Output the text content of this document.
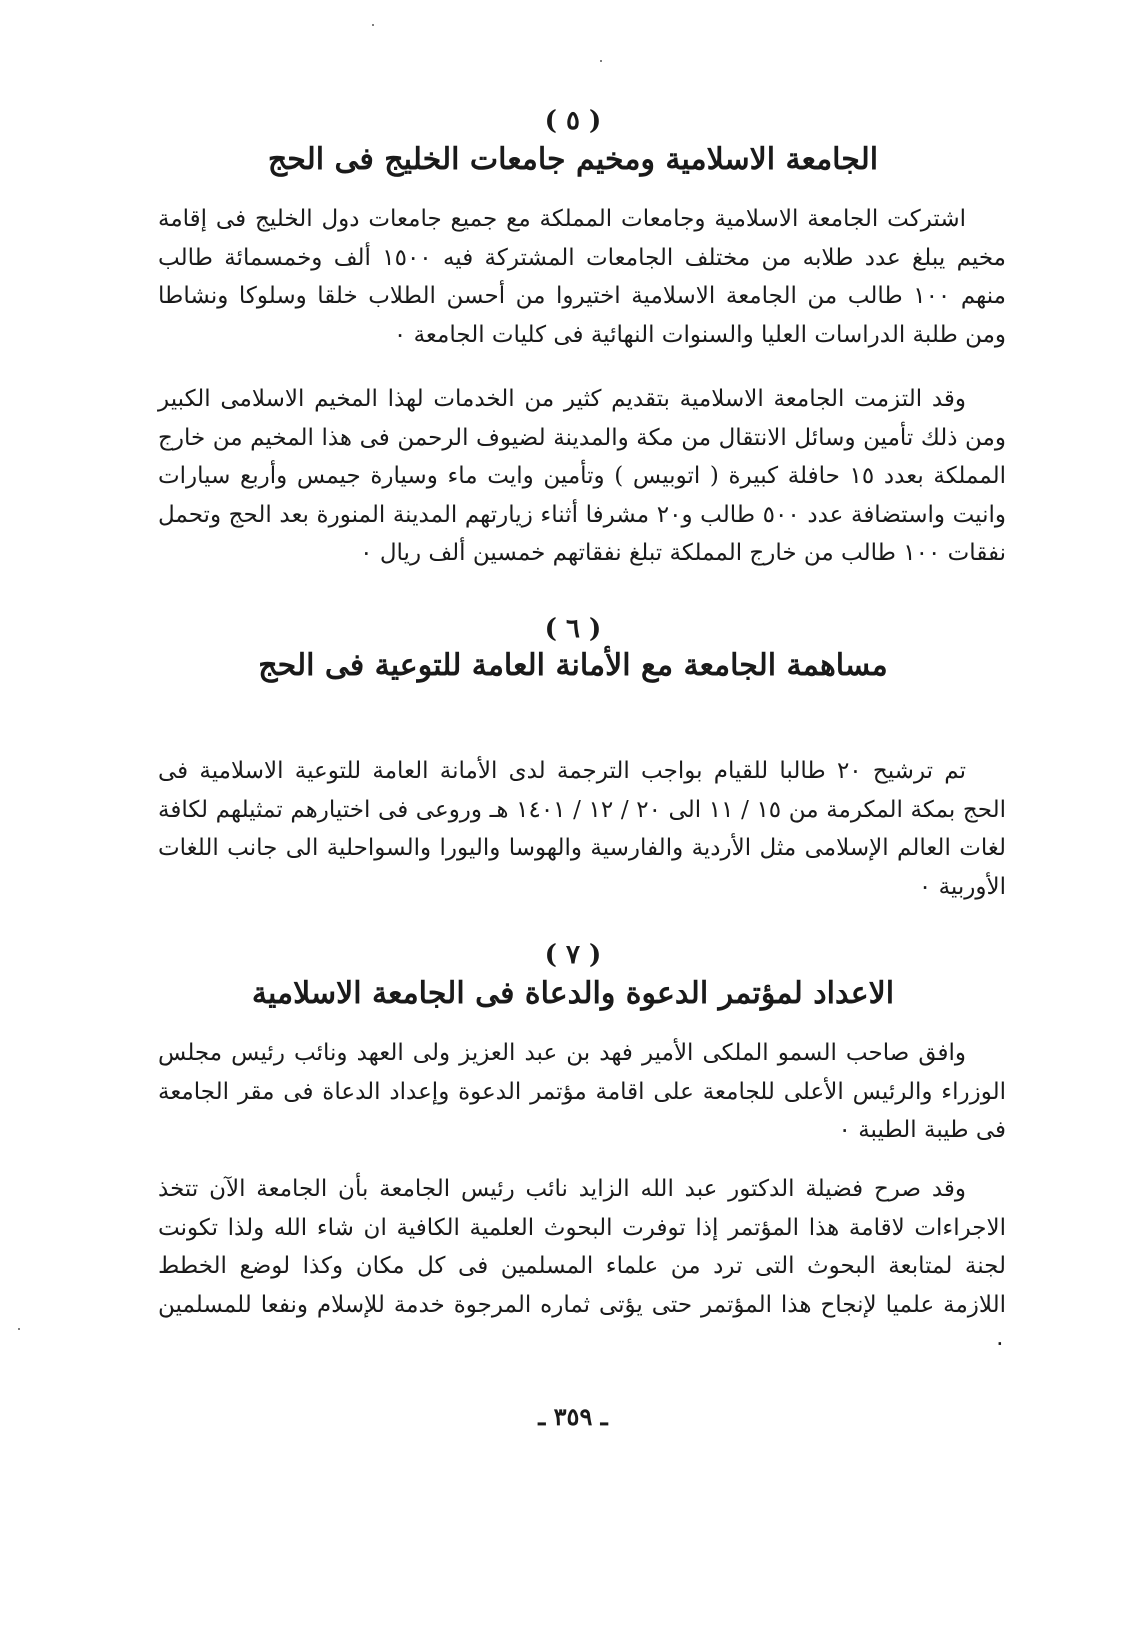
( ٥ )
الجامعة الاسلامية ومخيم جامعات الخليج فى الحج
اشتركت الجامعة الاسلامية وجامعات المملكة مع جميع جامعات دول الخليج فى إقامة مخيم يبلغ عدد طلابه من مختلف الجامعات المشتركة فيه ١٥٠٠ ألف وخمسمائة طالب منهم ١٠٠ طالب من الجامعة الاسلامية اختيروا من أحسن الطلاب خلقا وسلوكا ونشاطا ومن طلبة الدراسات العليا والسنوات النهائية فى كليات الجامعة ٠
وقد التزمت الجامعة الاسلامية بتقديم كثير من الخدمات لهذا المخيم الاسلامى الكبير ومن ذلك تأمين وسائل الانتقال من مكة والمدينة لضيوف الرحمن فى هذا المخيم من خارج المملكة بعدد ١٥ حافلة كبيرة ( اتوبيس ) وتأمين وايت ماء وسيارة جيمس وأربع سيارات وانيت واستضافة عدد ٥٠٠ طالب و٢٠ مشرفا أثناء زيارتهم المدينة المنورة بعد الحج وتحمل نفقات ١٠٠ طالب من خارج المملكة تبلغ نفقاتهم خمسين ألف ريال ٠
( ٦ )
مساهمة الجامعة مع الأمانة العامة للتوعية فى الحج
تم ترشيح ٢٠ طالبا للقيام بواجب الترجمة لدى الأمانة العامة للتوعية الاسلامية فى الحج بمكة المكرمة من ١٥ / ١١ الى ٢٠ / ١٢ / ١٤٠١ هـ وروعى فى اختيارهم تمثيلهم لكافة لغات العالم الإسلامى مثل الأردية والفارسية والهوسا واليورا والسواحلية الى جانب اللغات الأوربية ٠
( ٧ )
الاعداد لمؤتمر الدعوة والدعاة فى الجامعة الاسلامية
وافق صاحب السمو الملكى الأمير فهد بن عبد العزيز ولى العهد ونائب رئيس مجلس الوزراء والرئيس الأعلى للجامعة على اقامة مؤتمر الدعوة وإعداد الدعاة فى مقر الجامعة فى طيبة الطيبة ٠
وقد صرح فضيلة الدكتور عبد الله الزايد نائب رئيس الجامعة بأن الجامعة الآن تتخذ الاجراءات لاقامة هذا المؤتمر إذا توفرت البحوث العلمية الكافية ان شاء الله ولذا تكونت لجنة لمتابعة البحوث التى ترد من علماء المسلمين فى كل مكان وكذا لوضع الخطط اللازمة علميا لإنجاح هذا المؤتمر حتى يؤتى ثماره المرجوة خدمة للإسلام ونفعا للمسلمين ٠
ـ ٣٥٩ ـ
